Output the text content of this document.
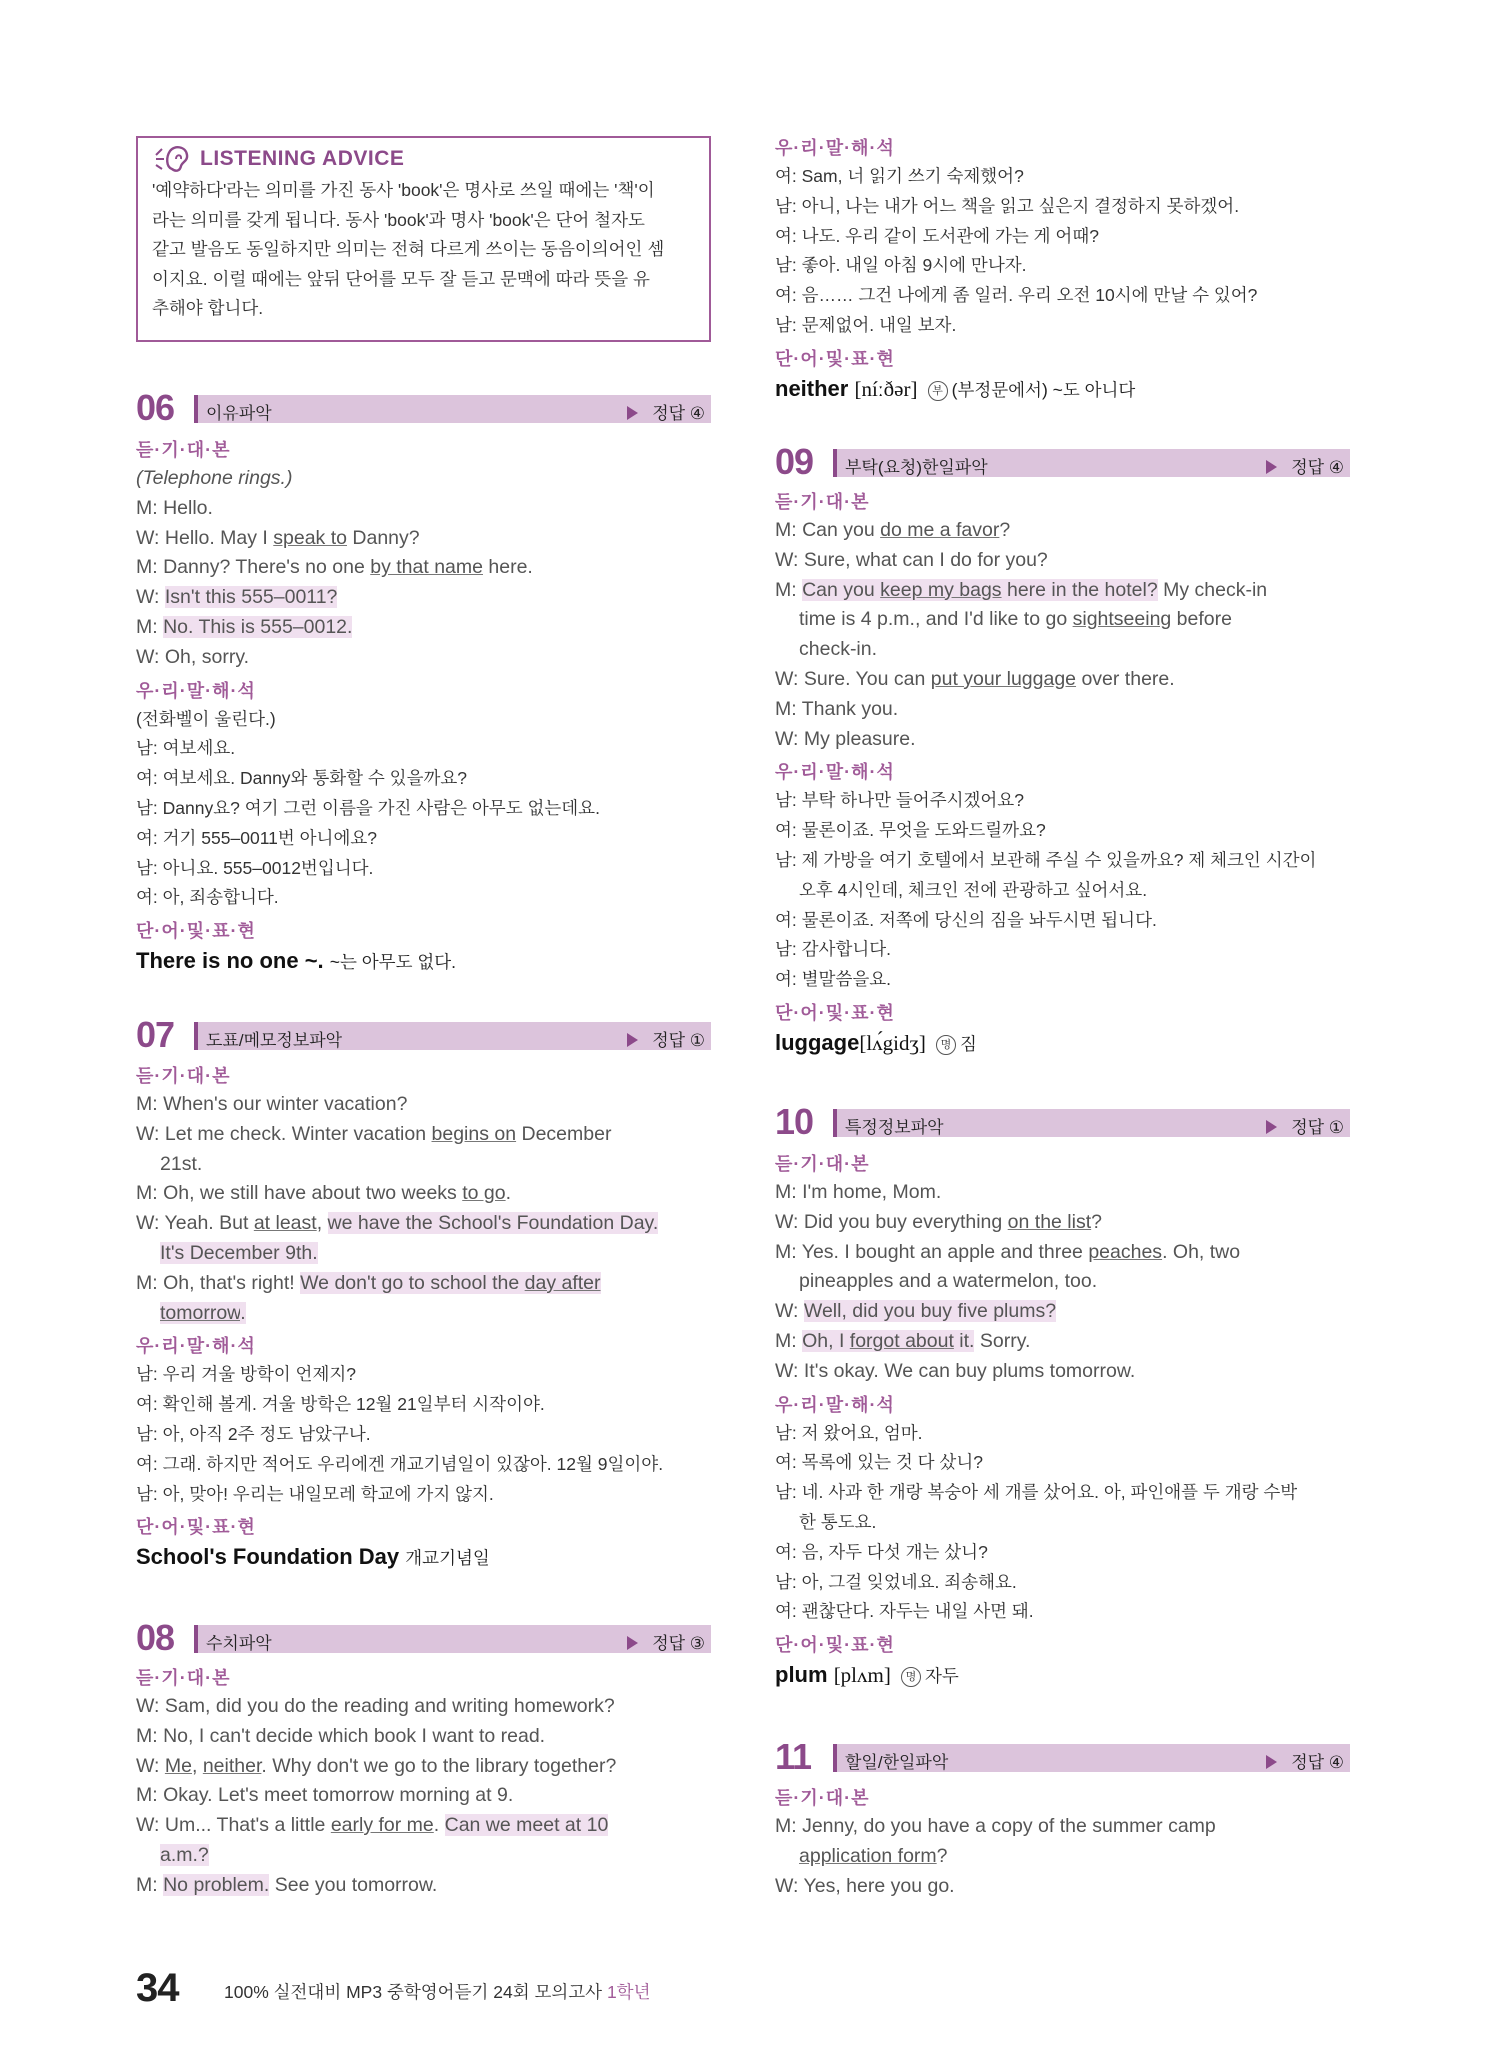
LISTENING ADVICE
'예약하다'라는 의미를 가진 동사 'book'은 명사로 쓰일 때에는 '책'이
라는 의미를 갖게 됩니다. 동사 'book'과 명사 'book'은 단어 철자도
같고 발음도 동일하지만 의미는 전혀 다르게 쓰이는 동음이의어인 셈
이지요. 이럴 때에는 앞뒤 단어를 모두 잘 듣고 문맥에 따라 뜻을 유
추해야 합니다.
06 이유파악	정답 ④
듣·기·대·본
(Telephone rings.)
M: Hello.
W: Hello. May I speak to Danny?
M: Danny? There's no one by that name here.
W: Isn't this 555–0011?
M: No. This is 555–0012.
W: Oh, sorry.
우·리·말·해·석
(전화벨이 울린다.)
남: 여보세요.
여: 여보세요. Danny와 통화할 수 있을까요?
남: Danny요? 여기 그런 이름을 가진 사람은 아무도 없는데요.
여: 거기 555–0011번 아니에요?
남: 아니요. 555–0012번입니다.
여: 아, 죄송합니다.
단·어·및·표·현
There is no one ~. ~는 아무도 없다.
07 도표/메모정보파악	정답 ①
듣·기·대·본
M: When's our winter vacation?
W: Let me check. Winter vacation begins on December
21st.
M: Oh, we still have about two weeks to go.
W: Yeah. But at least, we have the School's Foundation Day.
It's December 9th.
M: Oh, that's right! We don't go to school the day after
tomorrow.
우·리·말·해·석
남: 우리 겨울 방학이 언제지?
여: 확인해 볼게. 겨울 방학은 12월 21일부터 시작이야.
남: 아, 아직 2주 정도 남았구나.
여: 그래. 하지만 적어도 우리에겐 개교기념일이 있잖아. 12월 9일이야.
남: 아, 맞아! 우리는 내일모레 학교에 가지 않지.
단·어·및·표·현
School's Foundation Day 개교기념일
08 수치파악	정답 ③
듣·기·대·본
W: Sam, did you do the reading and writing homework?
M: No, I can't decide which book I want to read.
W: Me, neither. Why don't we go to the library together?
M: Okay. Let's meet tomorrow morning at 9.
W: Um... That's a little early for me. Can we meet at 10
a.m.?
M: No problem. See you tomorrow.
우·리·말·해·석
여: Sam, 너 읽기 쓰기 숙제했어?
남: 아니, 나는 내가 어느 책을 읽고 싶은지 결정하지 못하겠어.
여: 나도. 우리 같이 도서관에 가는 게 어때?
남: 좋아. 내일 아침 9시에 만나자.
여: 음…… 그건 나에게 좀 일러. 우리 오전 10시에 만날 수 있어?
남: 문제없어. 내일 보자.
단·어·및·표·현
neither [níːðər] 부 (부정문에서) ~도 아니다
09 부탁(요청)한일파악	정답 ④
듣·기·대·본
M: Can you do me a favor?
W: Sure, what can I do for you?
M: Can you keep my bags here in the hotel? My check-in
time is 4 p.m., and I'd like to go sightseeing before
check-in.
W: Sure. You can put your luggage over there.
M: Thank you.
W: My pleasure.
우·리·말·해·석
남: 부탁 하나만 들어주시겠어요?
여: 물론이죠. 무엇을 도와드릴까요?
남: 제 가방을 여기 호텔에서 보관해 주실 수 있을까요? 제 체크인 시간이
오후 4시인데, 체크인 전에 관광하고 싶어서요.
여: 물론이죠. 저쪽에 당신의 짐을 놔두시면 됩니다.
남: 감사합니다.
여: 별말씀을요.
단·어·및·표·현
luggage[lʌ́gidʒ] 명 짐
10 특정정보파악	정답 ①
듣·기·대·본
M: I'm home, Mom.
W: Did you buy everything on the list?
M: Yes. I bought an apple and three peaches. Oh, two
pineapples and a watermelon, too.
W: Well, did you buy five plums?
M: Oh, I forgot about it. Sorry.
W: It's okay. We can buy plums tomorrow.
우·리·말·해·석
남: 저 왔어요, 엄마.
여: 목록에 있는 것 다 샀니?
남: 네. 사과 한 개랑 복숭아 세 개를 샀어요. 아, 파인애플 두 개랑 수박
한 통도요.
여: 음, 자두 다섯 개는 샀니?
남: 아, 그걸 잊었네요. 죄송해요.
여: 괜찮단다. 자두는 내일 사면 돼.
단·어·및·표·현
plum [plʌm] 명 자두
11 할일/한일파악	정답 ④
듣·기·대·본
M: Jenny, do you have a copy of the summer camp
application form?
W: Yes, here you go.
34	100% 실전대비 MP3 중학영어듣기 24회 모의고사 1학년
